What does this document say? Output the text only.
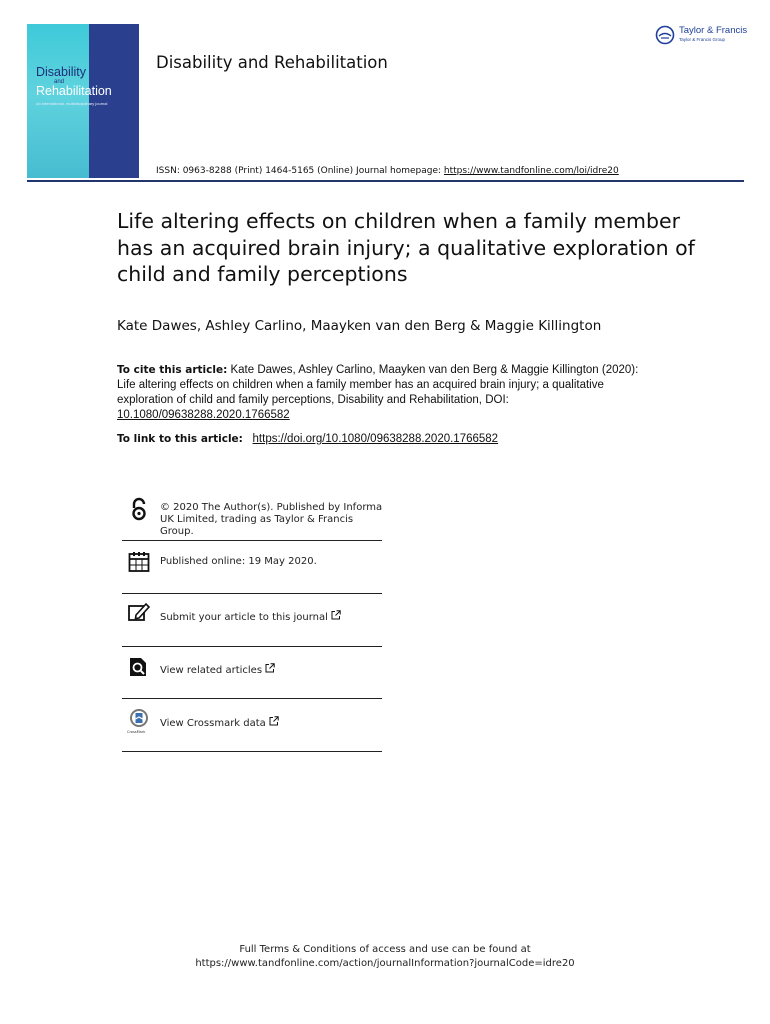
Disability
and
Rehabilitation
An international, multidisciplinary journal
Disability and Rehabilitation
ISSN: 0963-8288 (Print) 1464-5165 (Online) Journal homepage: https://www.tandfonline.com/loi/idre20
Taylor & Francis
Taylor & Francis Group
Life altering effects on children when a family member has an acquired brain injury; a qualitative exploration of child and family perceptions
Kate Dawes, Ashley Carlino, Maayken van den Berg & Maggie Killington
To cite this article: Kate Dawes, Ashley Carlino, Maayken van den Berg & Maggie Killington (2020): Life altering effects on children when a family member has an acquired brain injury; a qualitative exploration of child and family perceptions, Disability and Rehabilitation, DOI:
10.1080/09638288.2020.1766582
To link to this article: https://doi.org/10.1080/09638288.2020.1766582
© 2020 The Author(s). Published by Informa UK Limited, trading as Taylor & Francis Group.
Published online: 19 May 2020.
Submit your article to this journal
View related articles
CrossMark
View Crossmark data
Full Terms & Conditions of access and use can be found at
https://www.tandfonline.com/action/journalInformation?journalCode=idre20
